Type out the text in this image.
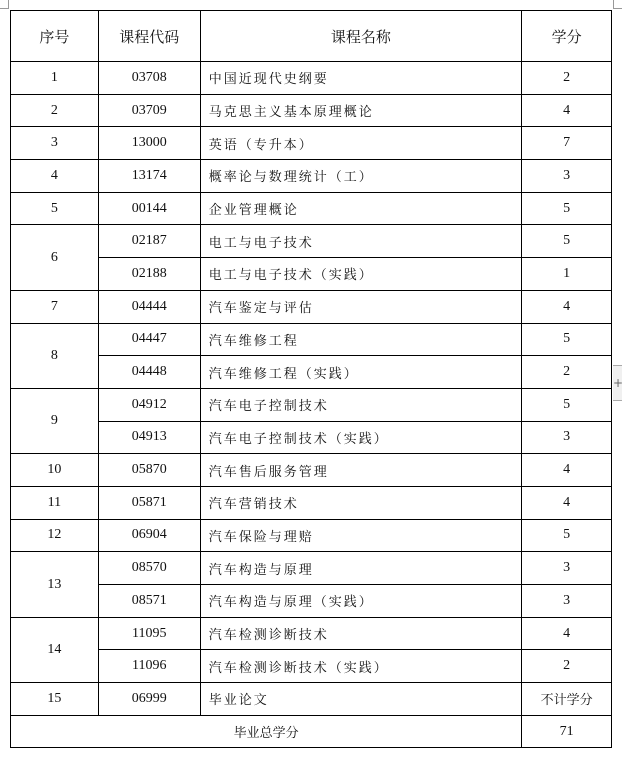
+
序号	课程代码	课程名称	学分
1	03708	中国近现代史纲要	2
2	03709	马克思主义基本原理概论	4
3	13000	英语（专升本）	7
4	13174	概率论与数理统计（工）	3
5	00144	企业管理概论	5
6	02187	电工与电子技术	5
	02188	电工与电子技术（实践）	1
7	04444	汽车鉴定与评估	4
8	04447	汽车维修工程	5
	04448	汽车维修工程（实践）	2
9	04912	汽车电子控制技术	5
	04913	汽车电子控制技术（实践）	3
10	05870	汽车售后服务管理	4
11	05871	汽车营销技术	4
12	06904	汽车保险与理赔	5
13	08570	汽车构造与原理	3
	08571	汽车构造与原理（实践）	3
14	11095	汽车检测诊断技术	4
	11096	汽车检测诊断技术（实践）	2
15	06999	毕业论文	不计学分
毕业总学分			71
